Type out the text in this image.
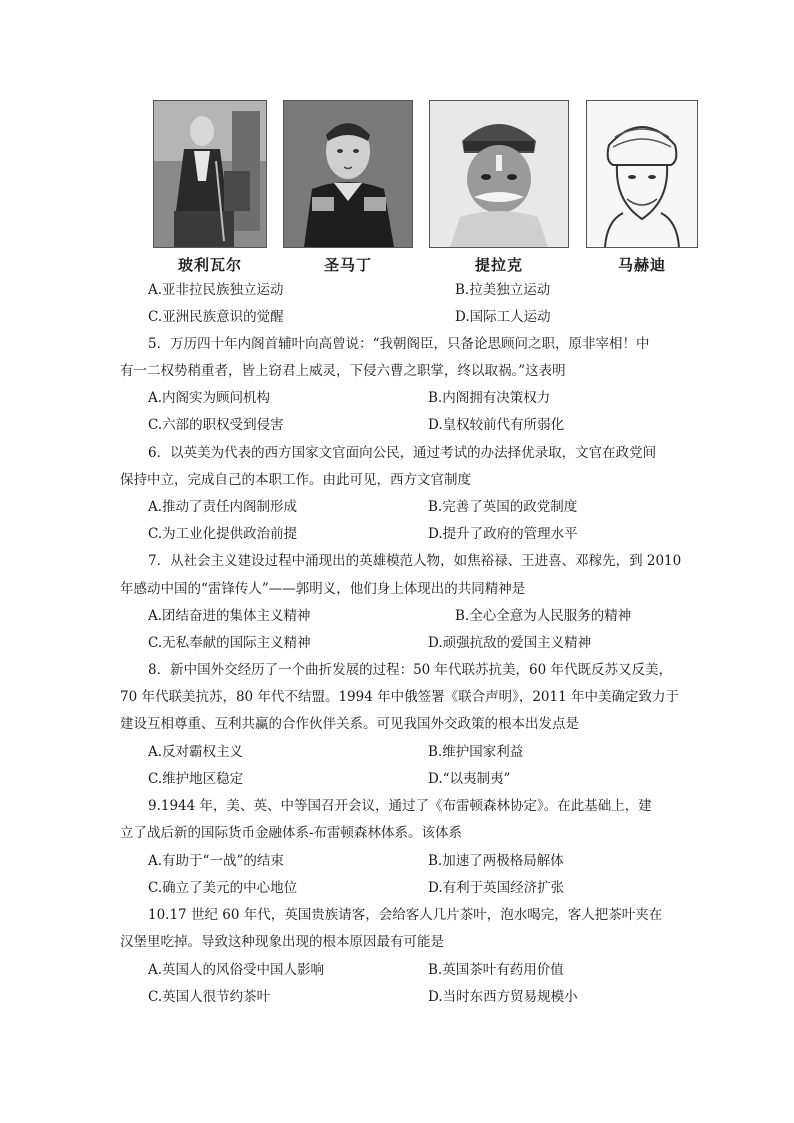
玻利瓦尔	圣马丁	提拉克	马赫迪
A.亚非拉民族独立运动	B.拉美独立运动
C.亚洲民族意识的觉醒	D.国际工人运动
5．万历四十年内阁首辅叶向高曾说：“我朝阁臣，只备论思顾问之职，原非宰相！中
有一二权势稍重者，皆上窃君上威灵，下侵六曹之职掌，终以取祸。”这表明
A.内阁实为顾问机构	B.内阁拥有决策权力
C.六部的职权受到侵害	D.皇权较前代有所弱化
6．以英美为代表的西方国家文官面向公民，通过考试的办法择优录取，文官在政党间
保持中立，完成自己的本职工作。由此可见，西方文官制度
A.推动了责任内阁制形成	B.完善了英国的政党制度
C.为工业化提供政治前提	D.提升了政府的管理水平
7．从社会主义建设过程中涌现出的英雄模范人物，如焦裕禄、王进喜、邓稼先，到 2010
年感动中国的“雷锋传人”——郭明义，他们身上体现出的共同精神是
A.团结奋进的集体主义精神	B.全心全意为人民服务的精神
C.无私奉献的国际主义精神	D.顽强抗敌的爱国主义精神
8．新中国外交经历了一个曲折发展的过程：50 年代联苏抗美，60 年代既反苏又反美，
70 年代联美抗苏，80 年代不结盟。1994 年中俄签署《联合声明》，2011 年中美确定致力于
建设互相尊重、互利共赢的合作伙伴关系。可见我国外交政策的根本出发点是
A.反对霸权主义	B.维护国家利益
C.维护地区稳定	D.“以夷制夷”
9.1944 年，美、英、中等国召开会议，通过了《布雷顿森林协定》。在此基础上，建
立了战后新的国际货币金融体系-布雷顿森林体系。该体系
A.有助于“一战”的结束	B.加速了两极格局解体
C.确立了美元的中心地位	D.有利于英国经济扩张
10.17 世纪 60 年代，英国贵族请客，会给客人几片茶叶，泡水喝完，客人把茶叶夹在
汉堡里吃掉。导致这种现象出现的根本原因最有可能是
A.英国人的风俗受中国人影响	B.英国茶叶有药用价值
C.英国人很节约茶叶	D.当时东西方贸易规模小
